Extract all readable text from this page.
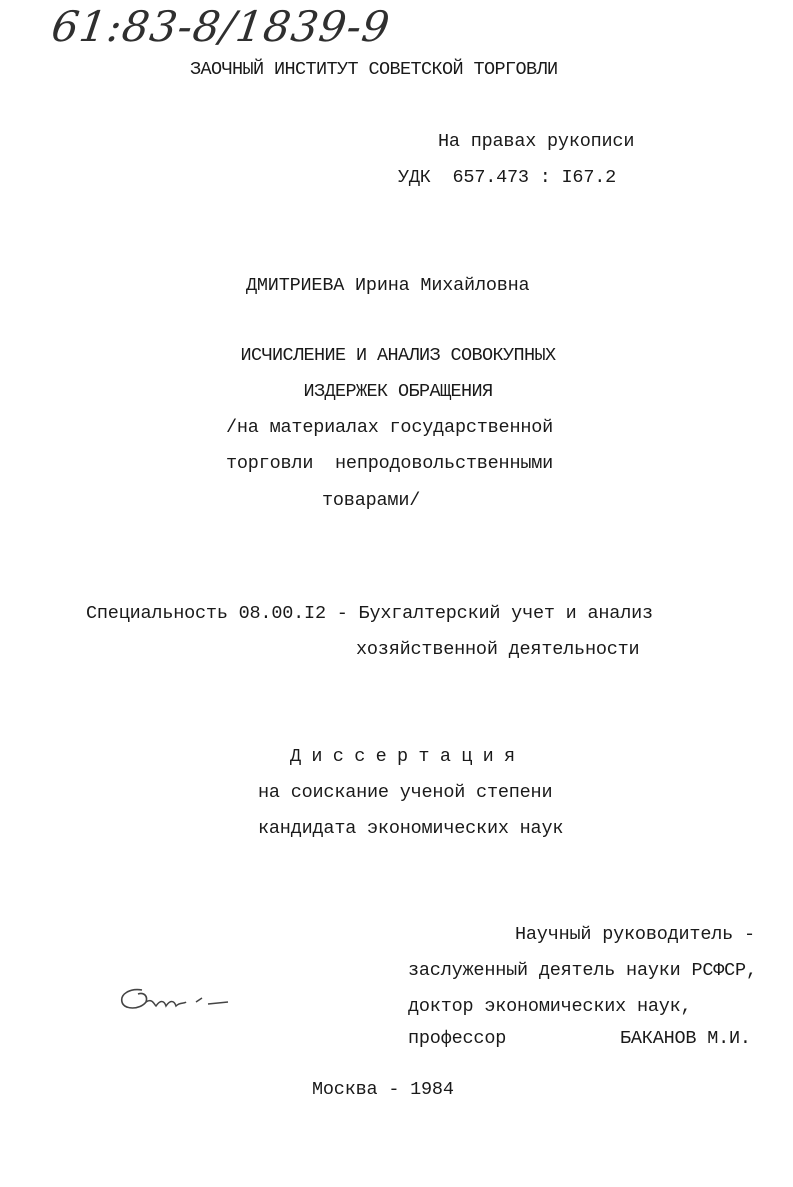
61:83-8/1839-9
ЗАОЧНЫЙ ИНСТИТУТ СОВЕТСКОЙ ТОРГОВЛИ
На правах рукописи
УДК  657.473 : I67.2
ДМИТРИЕВА Ирина Михайловна
ИСЧИСЛЕНИЕ И АНАЛИЗ СОВОКУПНЫХ
ИЗДЕРЖЕК ОБРАЩЕНИЯ
/на материалах государственной
торговли  непродовольственными
товарами/
Специальность 08.00.I2 - Бухгалтерский учет и анализ
хозяйственной деятельности
Диссертация
на соискание ученой степени
кандидата экономических наук
Научный руководитель -
заслуженный деятель науки РСФСР,
доктор экономических наук,
профессор	БАКАНОВ М.И.
Москва - 1984
